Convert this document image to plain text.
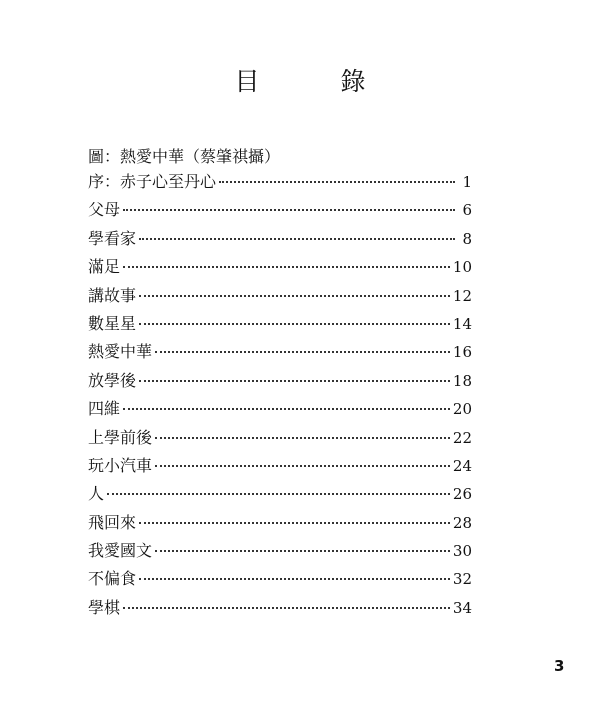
目　錄
圖：熱愛中華（蔡肇祺攝）
序：赤子心至丹心	1
父母	6
學看家	8
滿足	10
講故事	12
數星星	14
熱愛中華	16
放學後	18
四維	20
上學前後	22
玩小汽車	24
人	26
飛回來	28
我愛國文	30
不偏食	32
學棋	34
3
